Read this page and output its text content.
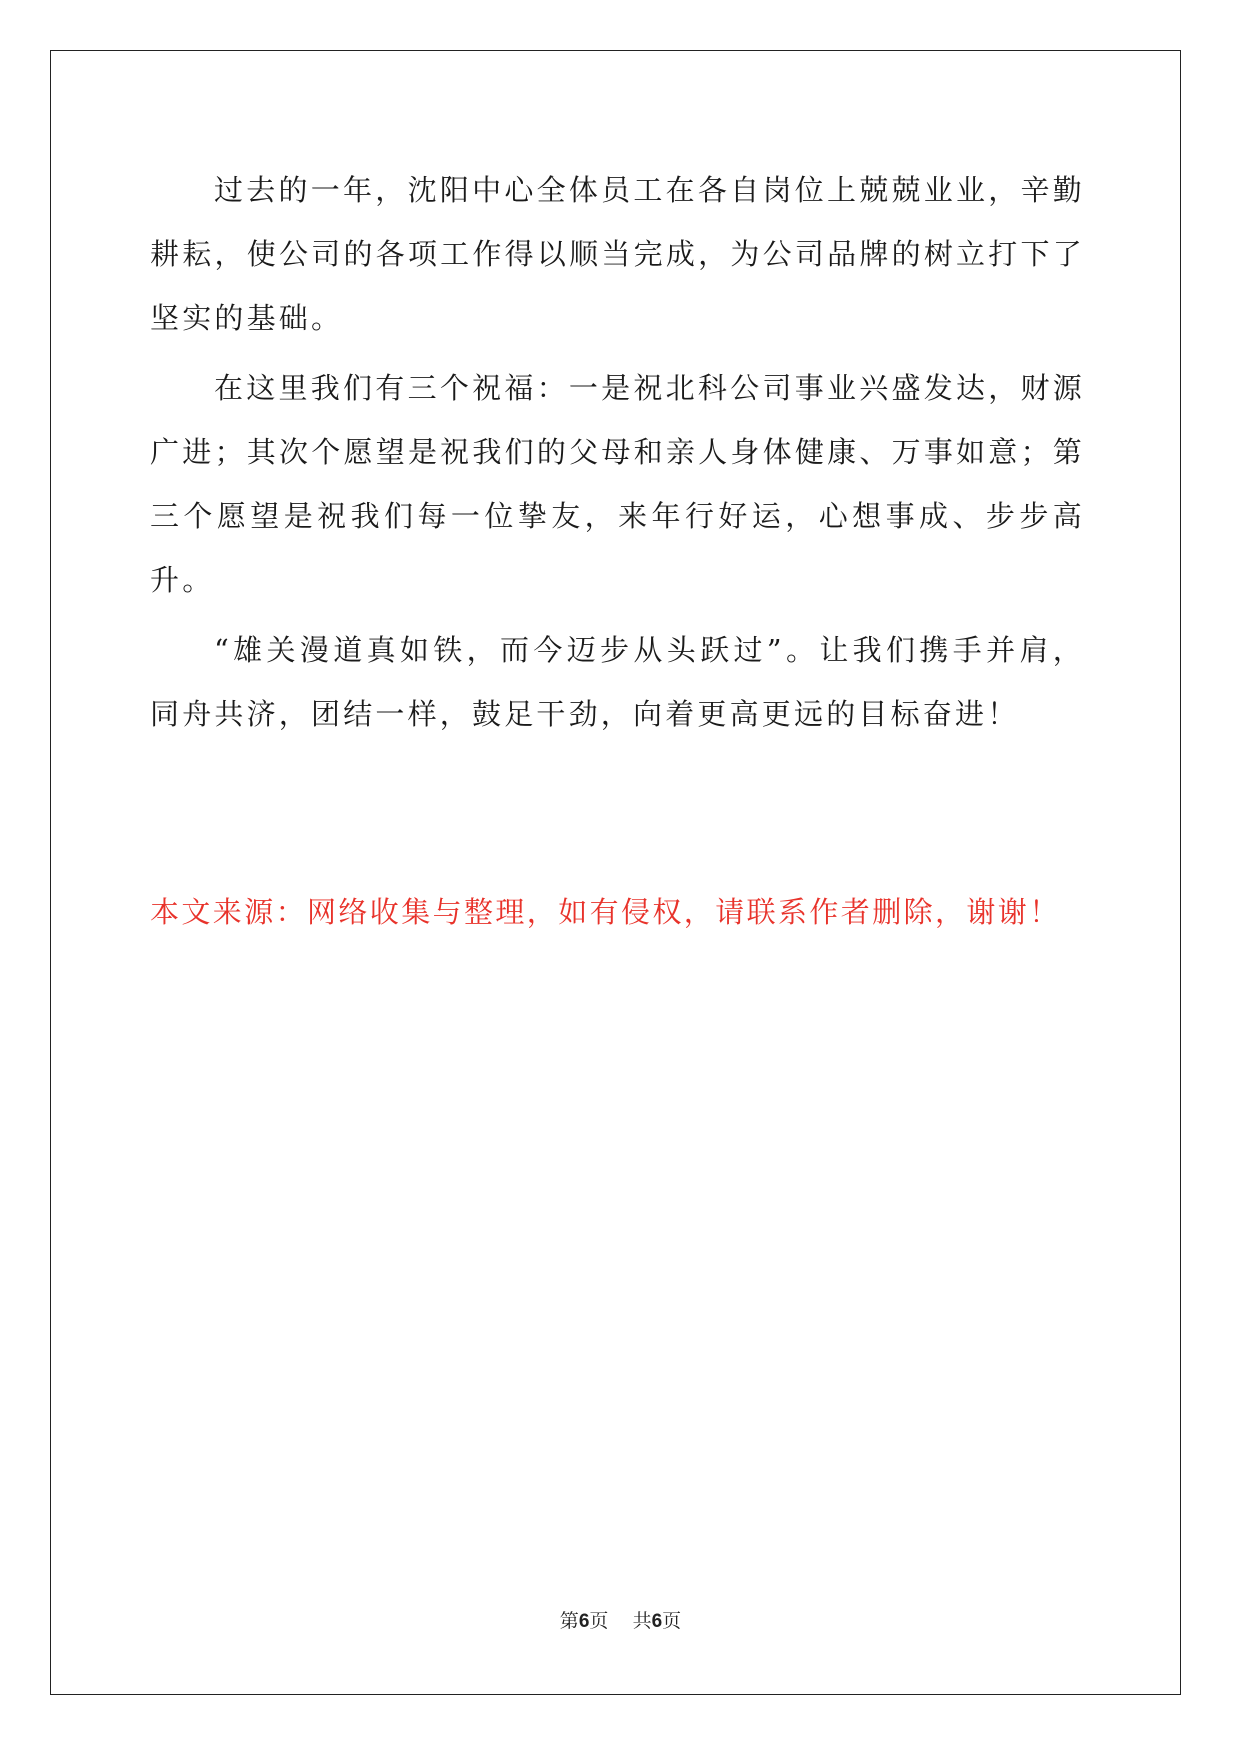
过去的一年，沈阳中心全体员工在各自岗位上兢兢业业，辛勤耕耘，使公司的各项工作得以顺当完成，为公司品牌的树立打下了坚实的基础。

在这里我们有三个祝福：一是祝北科公司事业兴盛发达，财源广进；其次个愿望是祝我们的父母和亲人身体健康、万事如意；第三个愿望是祝我们每一位挚友，来年行好运，心想事成、步步高升。

“雄关漫道真如铁，而今迈步从头跃过”。让我们携手并肩，同舟共济，团结一样，鼓足干劲，向着更高更远的目标奋进！

本文来源：网络收集与整理，如有侵权，请联系作者删除，谢谢！

第6页 共6页
